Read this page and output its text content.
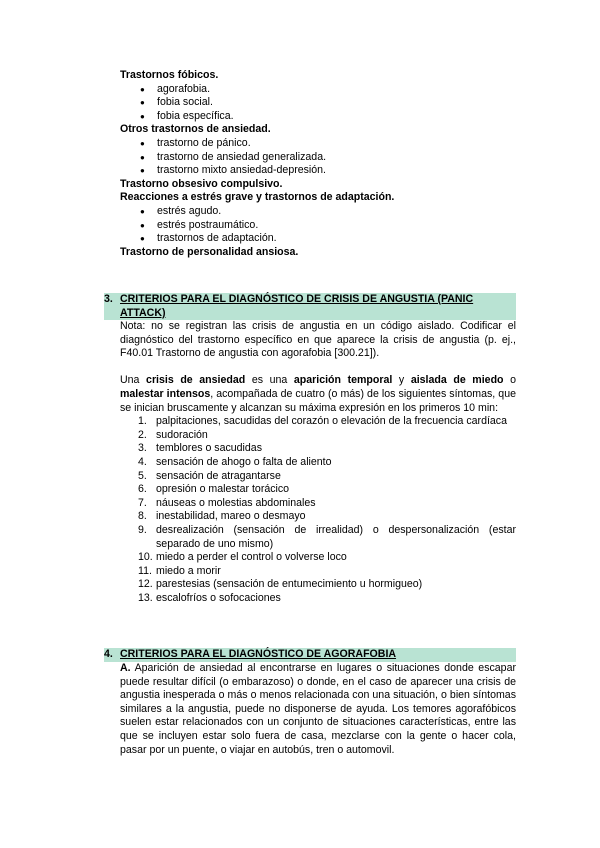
Trastornos fóbicos.
● agorafobia.
● fobia social.
● fobia específica.
Otros trastornos de ansiedad.
● trastorno de pánico.
● trastorno de ansiedad generalizada.
● trastorno mixto ansiedad-depresión.
Trastorno obsesivo compulsivo.
Reacciones a estrés grave y trastornos de adaptación.
● estrés agudo.
● estrés postraumático.
● trastornos de adaptación.
Trastorno de personalidad ansiosa.
3. CRITERIOS PARA EL DIAGNÓSTICO DE CRISIS DE ANGUSTIA (PANIC ATTACK)
Nota: no se registran las crisis de angustia en un código aislado. Codificar el diagnóstico del trastorno específico en que aparece la crisis de angustia (p. ej., F40.01 Trastorno de angustia con agorafobia [300.21]).
Una crisis de ansiedad es una aparición temporal y aislada de miedo o malestar intensos, acompañada de cuatro (o más) de los siguientes síntomas, que se inician bruscamente y alcanzan su máxima expresión en los primeros 10 min:
1. palpitaciones, sacudidas del corazón o elevación de la frecuencia cardíaca
2. sudoración
3. temblores o sacudidas
4. sensación de ahogo o falta de aliento
5. sensación de atragantarse
6. opresión o malestar torácico
7. náuseas o molestias abdominales
8. inestabilidad, mareo o desmayo
9. desrealización (sensación de irrealidad) o despersonalización (estar separado de uno mismo)
10. miedo a perder el control o volverse loco
11. miedo a morir
12. parestesias (sensación de entumecimiento u hormigueo)
13. escalofríos o sofocaciones
4. CRITERIOS PARA EL DIAGNÓSTICO DE AGORAFOBIA
A. Aparición de ansiedad al encontrarse en lugares o situaciones donde escapar puede resultar difícil (o embarazoso) o donde, en el caso de aparecer una crisis de angustia inesperada o más o menos relacionada con una situación, o bien síntomas similares a la angustia, puede no disponerse de ayuda. Los temores agorafóbicos suelen estar relacionados con un conjunto de situaciones características, entre las que se incluyen estar solo fuera de casa, mezclarse con la gente o hacer cola, pasar por un puente, o viajar en autobús, tren o automovil.
